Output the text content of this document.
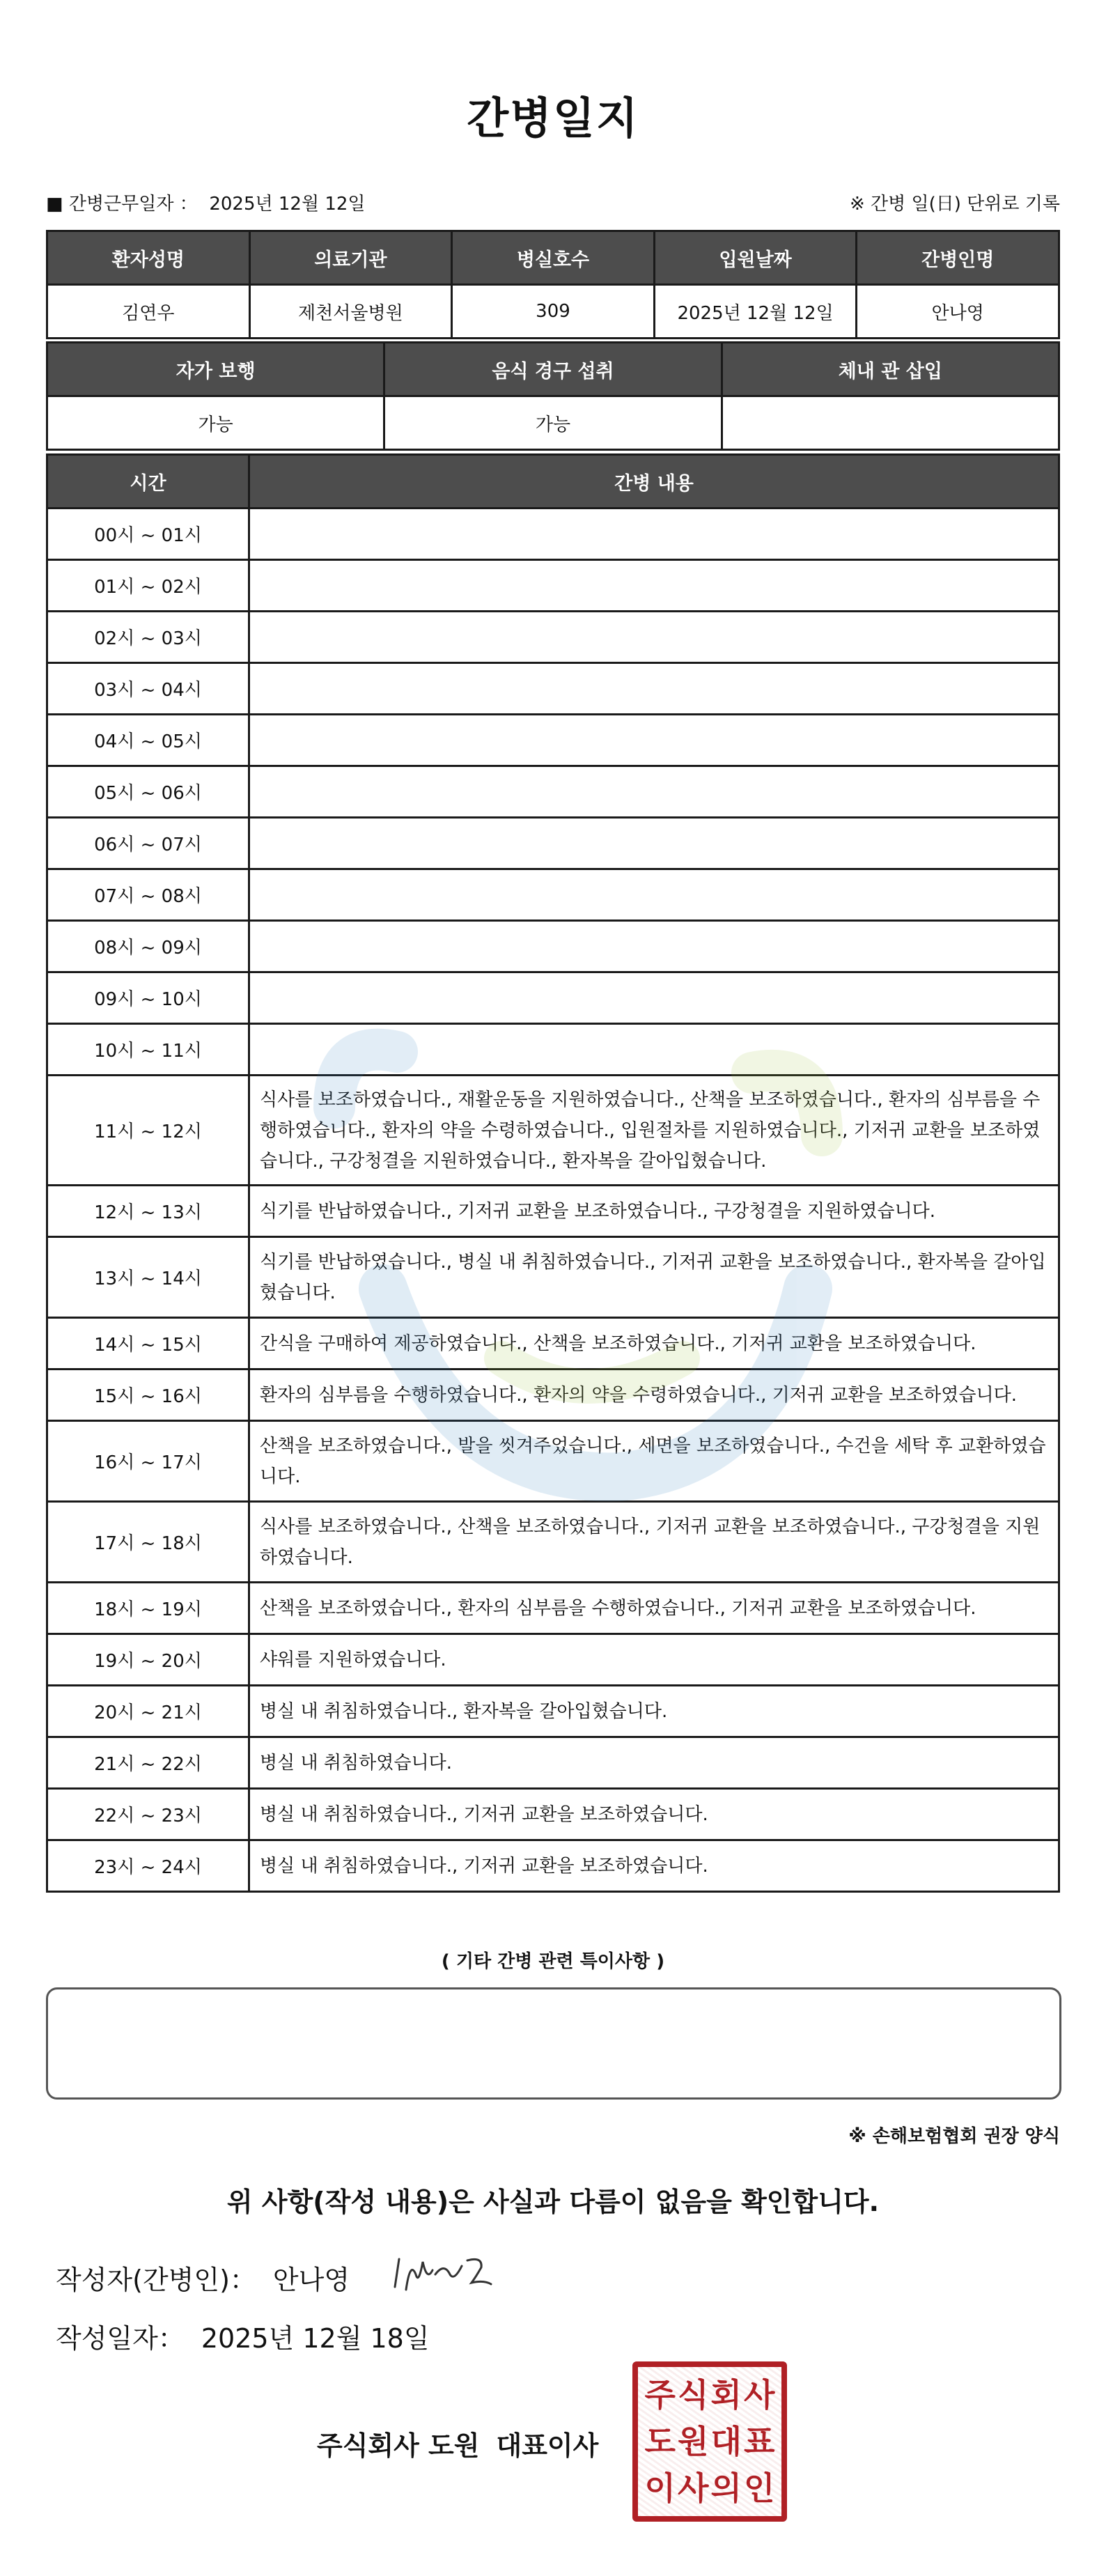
간병일지
■ 간병근무일자 ： 2025년 12월 12일	※ 간병 일(日) 단위로 기록
환자성명	의료기관	병실호수	입원날짜	간병인명
김연우	제천서울병원	309	2025년 12월 12일	안나영
자가 보행	음식 경구 섭취	체내 관 삽입
가능	가능	
시간	간병 내용
00시 ~ 01시	
01시 ~ 02시	
02시 ~ 03시	
03시 ~ 04시	
04시 ~ 05시	
05시 ~ 06시	
06시 ~ 07시	
07시 ~ 08시	
08시 ~ 09시	
09시 ~ 10시	
10시 ~ 11시	
11시 ~ 12시	식사를 보조하였습니다., 재활운동을 지원하였습니다., 산책을 보조하였습니다., 환자의 심부름을 수행하였습니다., 환자의 약을 수령하였습니다., 입원절차를 지원하였습니다., 기저귀 교환을 보조하였습니다., 구강청결을 지원하였습니다., 환자복을 갈아입혔습니다.
12시 ~ 13시	식기를 반납하였습니다., 기저귀 교환을 보조하였습니다., 구강청결을 지원하였습니다.
13시 ~ 14시	식기를 반납하였습니다., 병실 내 취침하였습니다., 기저귀 교환을 보조하였습니다., 환자복을 갈아입혔습니다.
14시 ~ 15시	간식을 구매하여 제공하였습니다., 산책을 보조하였습니다., 기저귀 교환을 보조하였습니다.
15시 ~ 16시	환자의 심부름을 수행하였습니다., 환자의 약을 수령하였습니다., 기저귀 교환을 보조하였습니다.
16시 ~ 17시	산책을 보조하였습니다., 발을 씻겨주었습니다., 세면을 보조하였습니다., 수건을 세탁 후 교환하였습니다.
17시 ~ 18시	식사를 보조하였습니다., 산책을 보조하였습니다., 기저귀 교환을 보조하였습니다., 구강청결을 지원하였습니다.
18시 ~ 19시	산책을 보조하였습니다., 환자의 심부름을 수행하였습니다., 기저귀 교환을 보조하였습니다.
19시 ~ 20시	샤워를 지원하였습니다.
20시 ~ 21시	병실 내 취침하였습니다., 환자복을 갈아입혔습니다.
21시 ~ 22시	병실 내 취침하였습니다.
22시 ~ 23시	병실 내 취침하였습니다., 기저귀 교환을 보조하였습니다.
23시 ~ 24시	병실 내 취침하였습니다., 기저귀 교환을 보조하였습니다.
( 기타 간병 관련 특이사항 )
※ 손해보험협회 권장 양식
위 사항(작성 내용)은 사실과 다름이 없음을 확인합니다.
작성자(간병인)： 안나영
작성일자： 2025년 12월 18일
주식회사 도원 대표이사
주 식 회 사
도 원 대 표
이 사 의 인
